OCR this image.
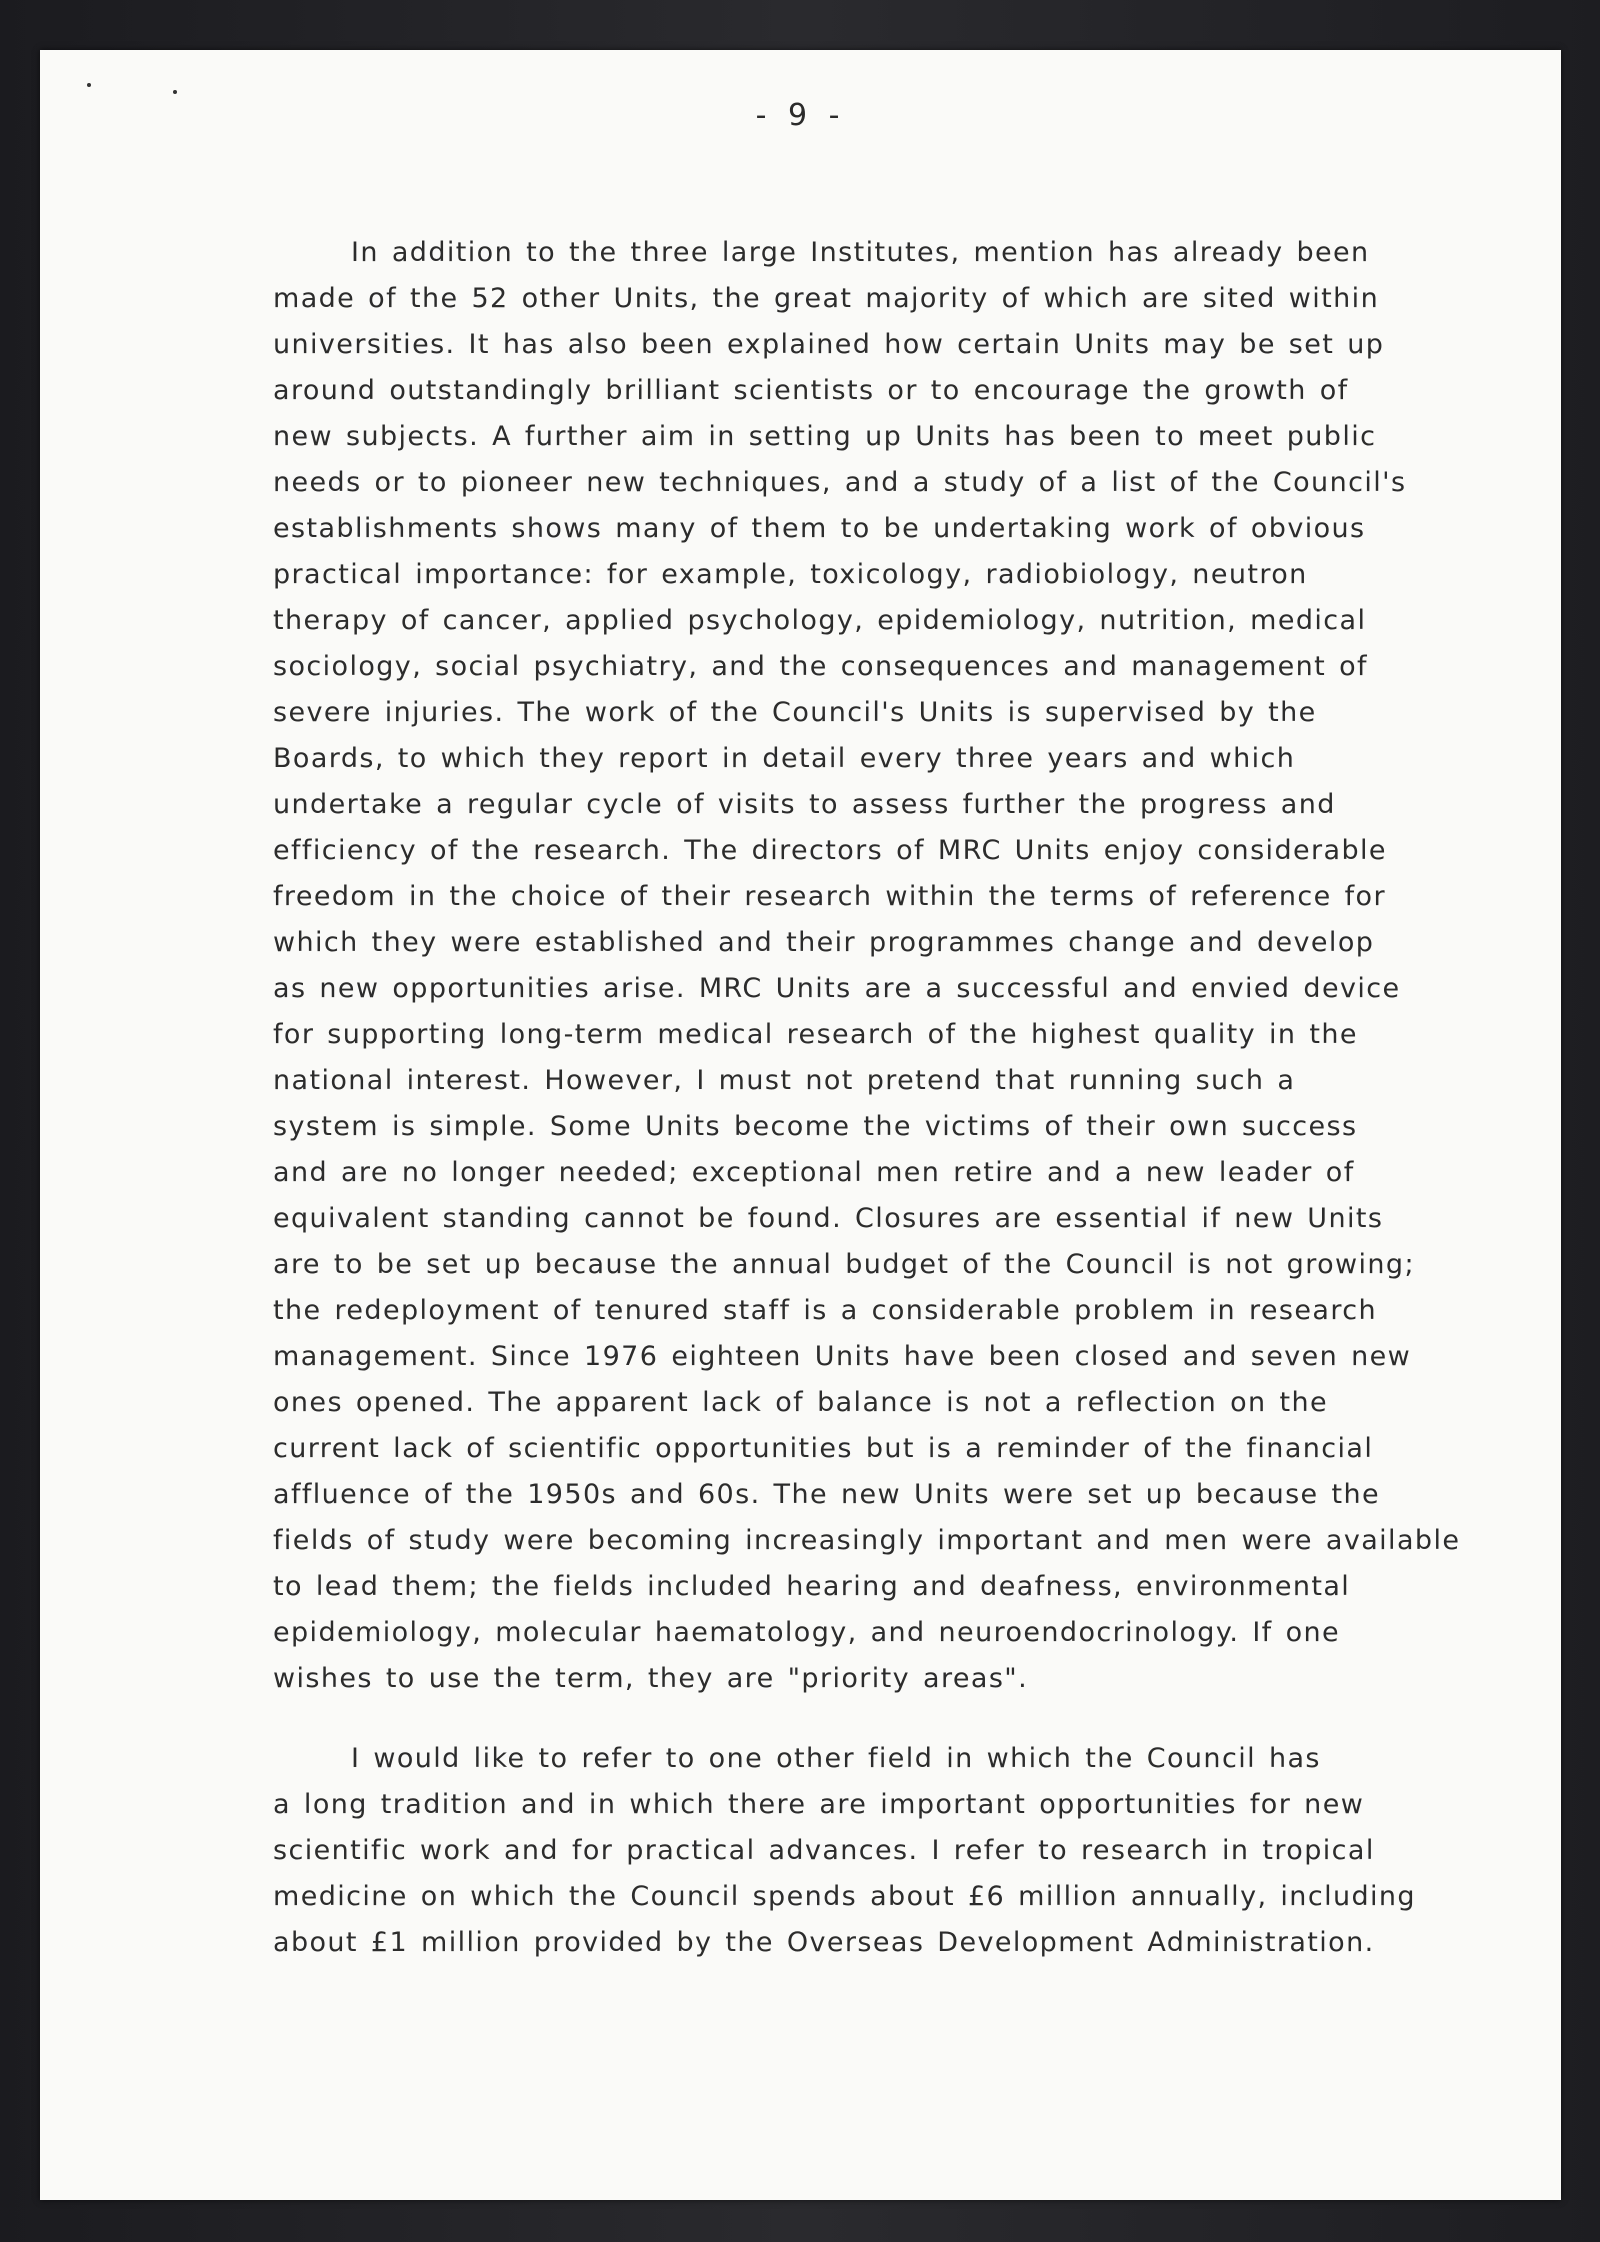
- 9 -
In addition to the three large Institutes, mention has already been
made of the 52 other Units, the great majority of which are sited within
universities. It has also been explained how certain Units may be set up
around outstandingly brilliant scientists or to encourage the growth of
new subjects. A further aim in setting up Units has been to meet public
needs or to pioneer new techniques, and a study of a list of the Council's
establishments shows many of them to be undertaking work of obvious
practical importance: for example, toxicology, radiobiology, neutron
therapy of cancer, applied psychology, epidemiology, nutrition, medical
sociology, social psychiatry, and the consequences and management of
severe injuries. The work of the Council's Units is supervised by the
Boards, to which they report in detail every three years and which
undertake a regular cycle of visits to assess further the progress and
efficiency of the research. The directors of MRC Units enjoy considerable
freedom in the choice of their research within the terms of reference for
which they were established and their programmes change and develop
as new opportunities arise. MRC Units are a successful and envied device
for supporting long-term medical research of the highest quality in the
national interest. However, I must not pretend that running such a
system is simple. Some Units become the victims of their own success
and are no longer needed; exceptional men retire and a new leader of
equivalent standing cannot be found. Closures are essential if new Units
are to be set up because the annual budget of the Council is not growing;
the redeployment of tenured staff is a considerable problem in research
management. Since 1976 eighteen Units have been closed and seven new
ones opened. The apparent lack of balance is not a reflection on the
current lack of scientific opportunities but is a reminder of the financial
affluence of the 1950s and 60s. The new Units were set up because the
fields of study were becoming increasingly important and men were available
to lead them; the fields included hearing and deafness, environmental
epidemiology, molecular haematology, and neuroendocrinology. If one
wishes to use the term, they are "priority areas".
I would like to refer to one other field in which the Council has
a long tradition and in which there are important opportunities for new
scientific work and for practical advances. I refer to research in tropical
medicine on which the Council spends about £6 million annually, including
about £1 million provided by the Overseas Development Administration.
